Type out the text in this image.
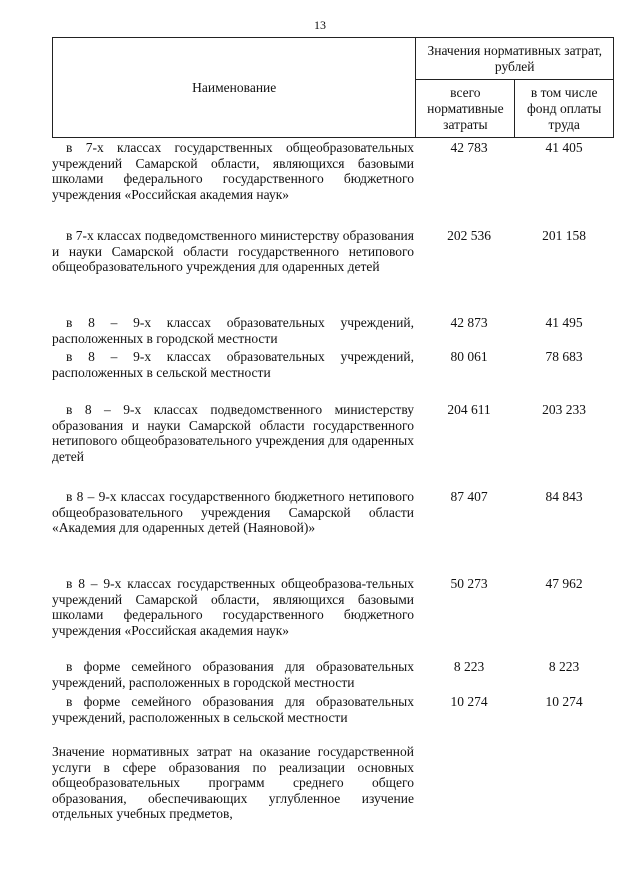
13
Наименование	Значения нормативных затрат, рублей	
	всего нормативные затраты	в том числе фонд оплаты труда

в 7-х классах государственных общеобразовательных учреждений Самарской области, являющихся базовыми школами федерального государственного бюджетного учреждения «Российская академия наук»

42 783	41 405

в 7-х классах подведомственного министерству образования и науки Самарской области государственного нетипового общеобразовательного учреждения для одаренных детей

202 536	201 158

в 8 – 9-х классах образовательных учреждений, расположенных в городской местности

42 873	41 495

в 8 – 9-х классах образовательных учреждений, расположенных в сельской местности

80 061	78 683

в 8 – 9-х классах подведомственного министерству образования и науки Самарской области государственного нетипового общеобразовательного учреждения для одаренных детей

204 611	203 233

в 8 – 9-х классах государственного бюджетного нетипового общеобразовательного учреждения Самарской области «Академия для одаренных детей (Наяновой)»

87 407	84 843

в 8 – 9-х классах государственных общеобразова-тельных учреждений Самарской области, являющихся базовыми школами федерального государственного бюджетного учреждения «Российская академия наук»

50 273	47 962

в форме семейного образования для образовательных учреждений, расположенных в городской местности

8 223	8 223

в форме семейного образования для образовательных учреждений, расположенных в сельской местности

10 274	10 274

Значение нормативных затрат на оказание государственной услуги в сфере образования по реализации основных общеобразовательных программ среднего общего образования, обеспечивающих углубленное изучение отдельных учебных предметов,
